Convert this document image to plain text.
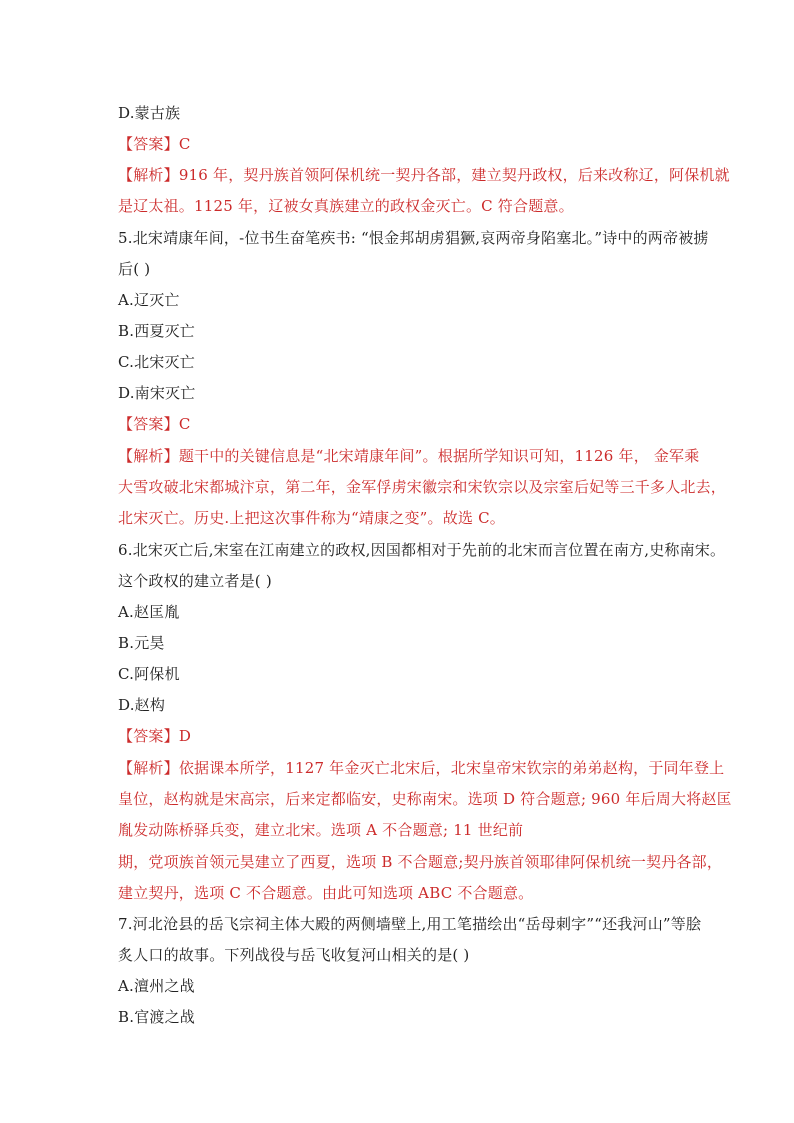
D.蒙古族
【答案】C
【解析】916 年，契丹族首领阿保机统一契丹各部，建立契丹政权，后来改称辽，阿保机就
是辽太祖。1125 年，辽被女真族建立的政权金灭亡。C 符合题意。
5.北宋靖康年间，-位书生奋笔疾书: “恨金邦胡虏猖獗,哀两帝身陷塞北。”诗中的两帝被掳
后( )
A.辽灭亡
B.西夏灭亡
C.北宋灭亡
D.南宋灭亡
【答案】C
【解析】题干中的关键信息是“北宋靖康年间”。根据所学知识可知，1126 年， 金军乘
大雪攻破北宋都城汴京，第二年，金军俘虏宋徽宗和宋钦宗以及宗室后妃等三千多人北去，
北宋灭亡。历史.上把这次事件称为“靖康之变”。故选 C。
6.北宋灭亡后,宋室在江南建立的政权,因国都相对于先前的北宋而言位置在南方,史称南宋。
这个政权的建立者是( )
A.赵匡胤
B.元昊
C.阿保机
D.赵构
【答案】D
【解析】依据课本所学，1127 年金灭亡北宋后，北宋皇帝宋钦宗的弟弟赵构，于同年登上
皇位，赵构就是宋高宗，后来定都临安，史称南宋。选项 D 符合题意; 960 年后周大将赵匡
胤发动陈桥驿兵变，建立北宋。选项 A 不合题意; 11 世纪前
期，党项族首领元昊建立了西夏，选项 B 不合题意;契丹族首领耶律阿保机统一契丹各部，
建立契丹，选项 C 不合题意。由此可知选项 ABC 不合题意。
7.河北沧县的岳飞宗祠主体大殿的两侧墙壁上,用工笔描绘出“岳母刺字”“还我河山”等脍
炙人口的故事。下列战役与岳飞收复河山相关的是( )
A.澶州之战
B.官渡之战
